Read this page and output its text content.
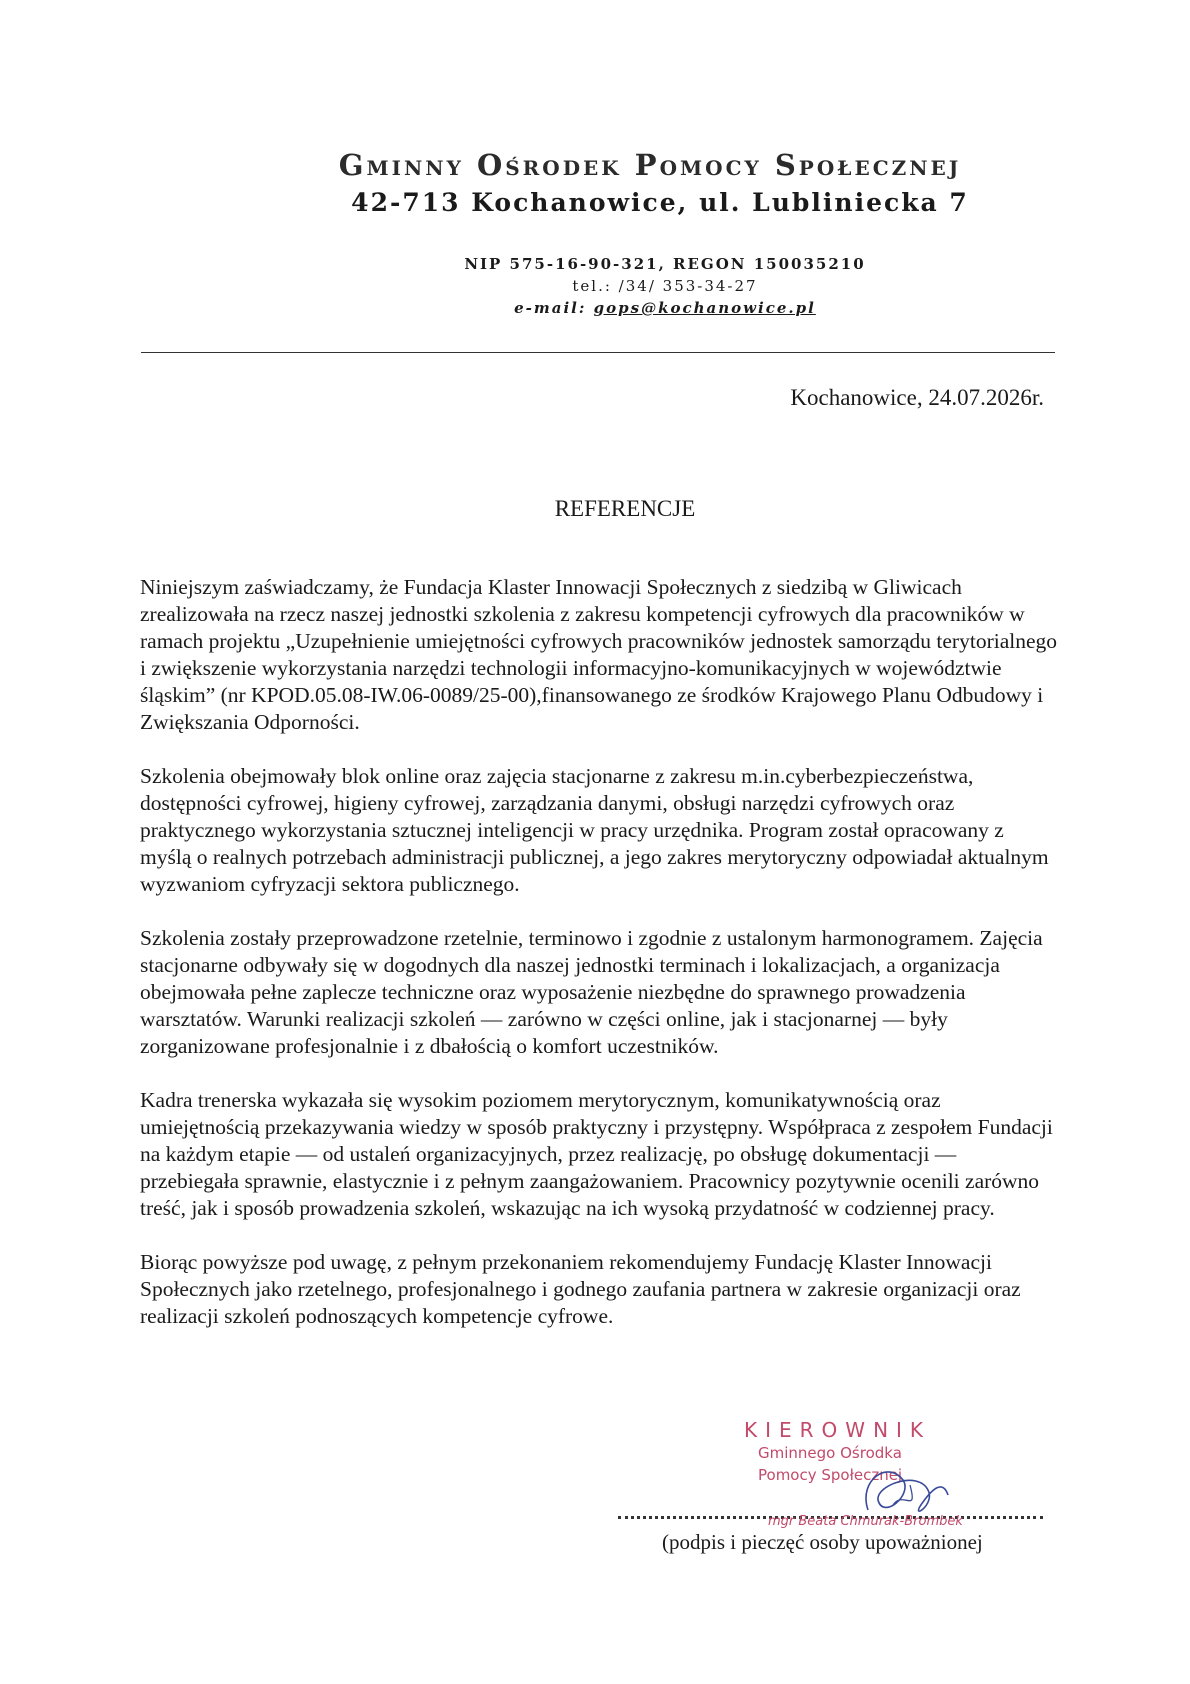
Gminny Ośrodek Pomocy Społecznej
42-713 Kochanowice, ul. Lubliniecka 7
NIP 575-16-90-321, REGON 150035210
tel.: /34/ 353-34-27
e-mail: gops@kochanowice.pl
Kochanowice, 24.07.2026r.
REFERENCJE

Niniejszym zaświadczamy, że Fundacja Klaster Innowacji Społecznych z siedzibą w Gliwicach zrealizowała na rzecz naszej jednostki szkolenia z zakresu kompetencji cyfrowych dla pracowników w ramach projektu „Uzupełnienie umiejętności cyfrowych pracowników jednostek samorządu terytorialnego i zwiększenie wykorzystania narzędzi technologii informacyjno-komunikacyjnych w województwie śląskim” (nr KPOD.05.08-IW.06-0089/25-00),finansowanego ze środków Krajowego Planu Odbudowy i Zwiększania Odporności.

Szkolenia obejmowały blok online oraz zajęcia stacjonarne z zakresu m.in.cyberbezpieczeństwa, dostępności cyfrowej, higieny cyfrowej, zarządzania danymi, obsługi narzędzi cyfrowych oraz praktycznego wykorzystania sztucznej inteligencji w pracy urzędnika. Program został opracowany z myślą o realnych potrzebach administracji publicznej, a jego zakres merytoryczny odpowiadał aktualnym wyzwaniom cyfryzacji sektora publicznego.

Szkolenia zostały przeprowadzone rzetelnie, terminowo i zgodnie z ustalonym harmonogramem. Zajęcia stacjonarne odbywały się w dogodnych dla naszej jednostki terminach i lokalizacjach, a organizacja obejmowała pełne zaplecze techniczne oraz wyposażenie niezbędne do sprawnego prowadzenia warsztatów. Warunki realizacji szkoleń — zarówno w części online, jak i stacjonarnej — były zorganizowane profesjonalnie i z dbałością o komfort uczestników.

Kadra trenerska wykazała się wysokim poziomem merytorycznym, komunikatywnością oraz umiejętnością przekazywania wiedzy w sposób praktyczny i przystępny. Współpraca z zespołem Fundacji na każdym etapie — od ustaleń organizacyjnych, przez realizację, po obsługę dokumentacji — przebiegała sprawnie, elastycznie i z pełnym zaangażowaniem. Pracownicy pozytywnie ocenili zarówno treść, jak i sposób prowadzenia szkoleń, wskazując na ich wysoką przydatność w codziennej pracy.

Biorąc powyższe pod uwagę, z pełnym przekonaniem rekomendujemy Fundację Klaster Innowacji Społecznych jako rzetelnego, profesjonalnego i godnego zaufania partnera w zakresie organizacji oraz realizacji szkoleń podnoszących kompetencje cyfrowe.

KIEROWNIK
Gminnego Ośrodka
Pomocy Społecznej
mgr Beata Chmurak-Brombek
(podpis i pieczęć osoby upoważnionej
